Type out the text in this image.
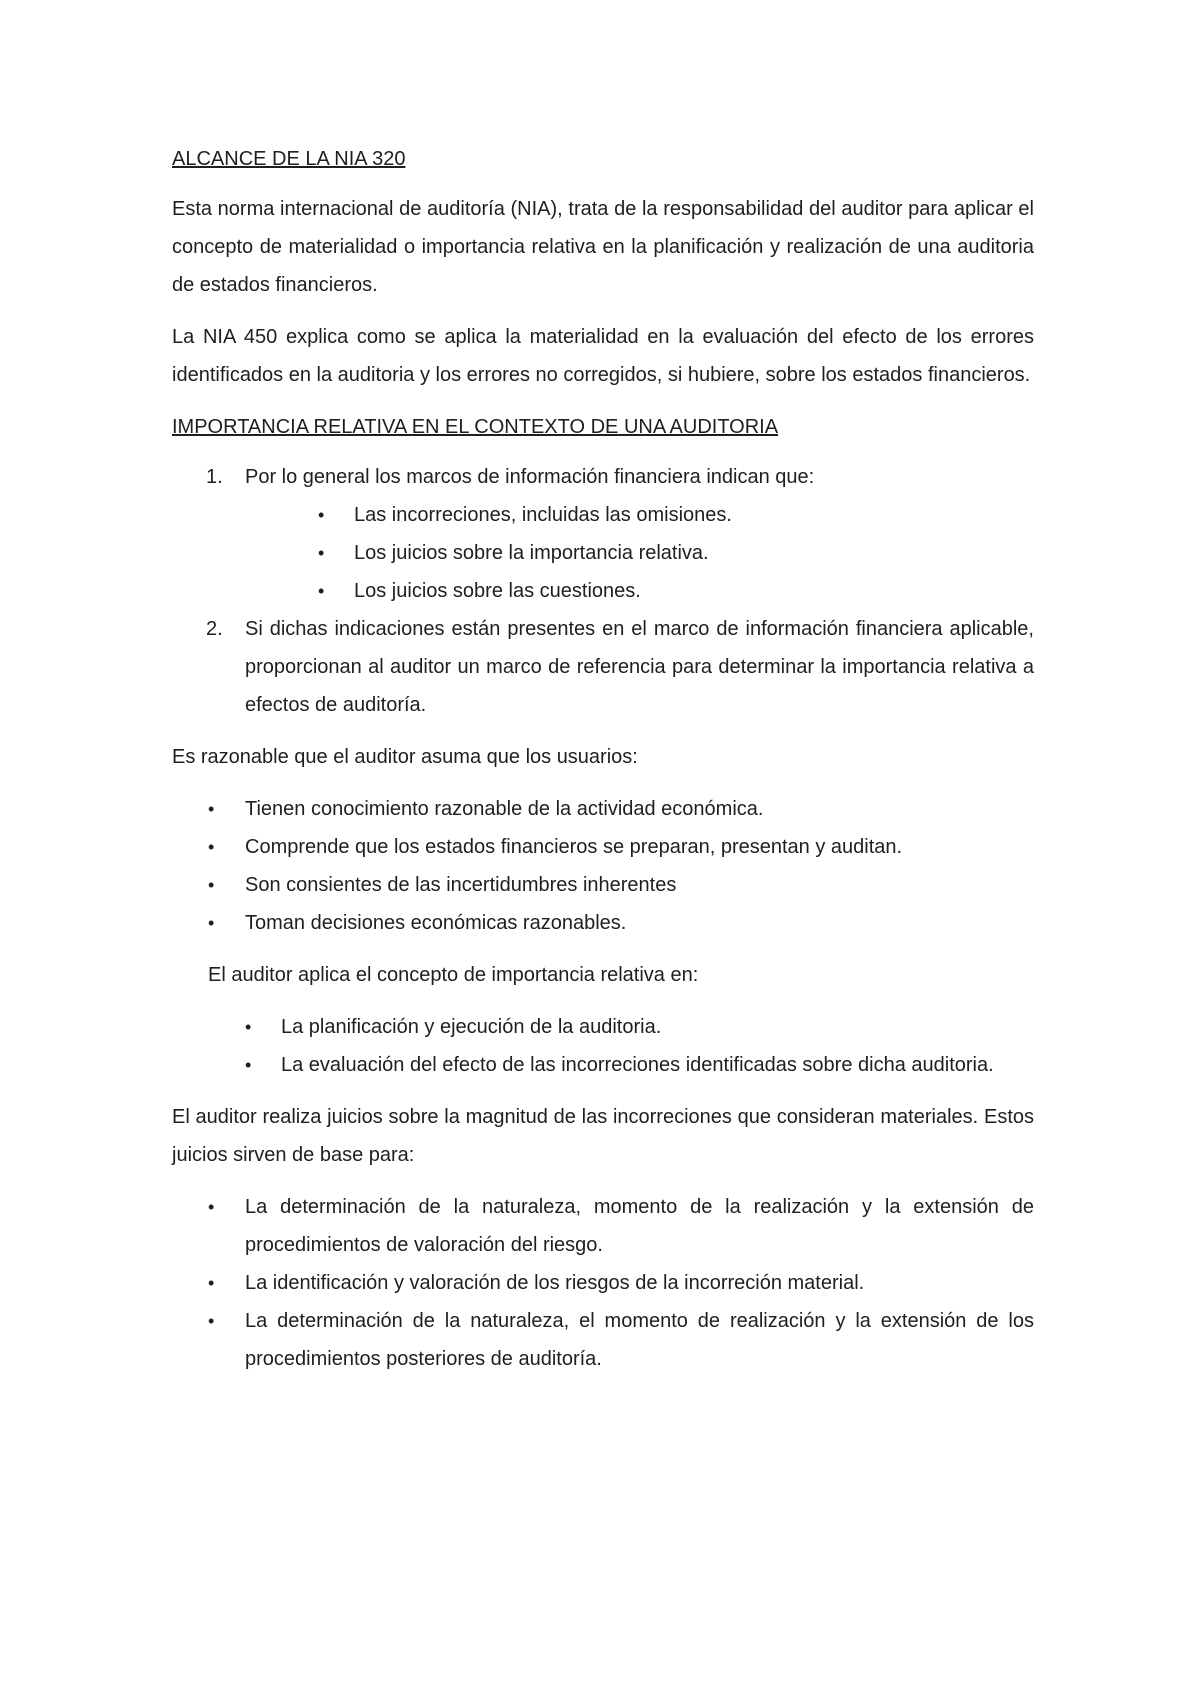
ALCANCE DE LA NIA 320

Esta norma internacional de auditoría (NIA), trata de la responsabilidad del auditor para aplicar el concepto de materialidad o importancia relativa en la planificación y realización de una auditoria de estados financieros.

La NIA 450 explica como se aplica la materialidad en la evaluación del efecto de los errores identificados en la auditoria y los errores no corregidos, si hubiere, sobre los estados financieros.

IMPORTANCIA RELATIVA EN EL CONTEXTO DE UNA AUDITORIA
1. Por lo general los marcos de información financiera indican que:
• Las incorreciones, incluidas las omisiones.
• Los juicios sobre la importancia relativa.
• Los juicios sobre las cuestiones.
2. Si dichas indicaciones están presentes en el marco de información financiera aplicable, proporcionan al auditor un marco de referencia para determinar la importancia relativa a efectos de auditoría.

Es razonable que el auditor asuma que los usuarios:

• Tienen conocimiento razonable de la actividad económica.
• Comprende que los estados financieros se preparan, presentan y auditan.
• Son consientes de las incertidumbres inherentes
• Toman decisiones económicas razonables.

El auditor aplica el concepto de importancia relativa en:

• La planificación y ejecución de la auditoria.
• La evaluación del efecto de las incorreciones identificadas sobre dicha auditoria.

El auditor realiza juicios sobre la magnitud de las incorreciones que consideran materiales. Estos juicios sirven de base para:

• La determinación de la naturaleza, momento de la realización y la extensión de procedimientos de valoración del riesgo.
• La identificación y valoración de los riesgos de la incorreción material.
• La determinación de la naturaleza, el momento de realización y la extensión de los procedimientos posteriores de auditoría.
